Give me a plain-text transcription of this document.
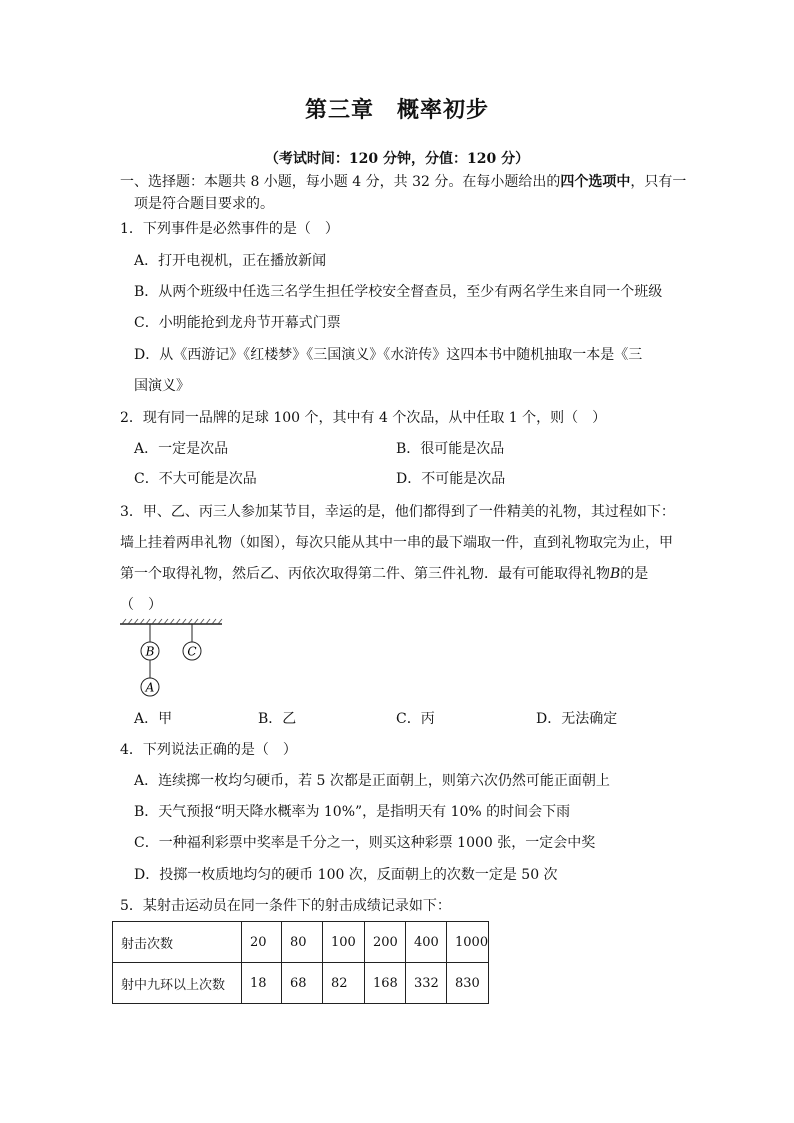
第三章　概率初步
（考试时间：120 分钟，分值：120 分）
一、选择题：本题共 8 小题，每小题 4 分，共 32 分。在每小题给出的四个选项中，只有一
项是符合题目要求的。
1．下列事件是必然事件的是（　）
A．打开电视机，正在播放新闻
B．从两个班级中任选三名学生担任学校安全督查员，至少有两名学生来自同一个班级
C．小明能抢到龙舟节开幕式门票
D．从《西游记》《红楼梦》《三国演义》《水浒传》这四本书中随机抽取一本是《三
国演义》
2．现有同一品牌的足球 100 个，其中有 4 个次品，从中任取 1 个，则（　）
A．一定是次品	B．很可能是次品
C．不大可能是次品	D．不可能是次品
3．甲、乙、丙三人参加某节目，幸运的是，他们都得到了一件精美的礼物，其过程如下：
墙上挂着两串礼物（如图），每次只能从其中一串的最下端取一件，直到礼物取完为止，甲
第一个取得礼物，然后乙、丙依次取得第二件、第三件礼物．最有可能取得礼物B的是
（　）
B
A
C
A．甲	B．乙	C．丙	D．无法确定
4．下列说法正确的是（　）
A．连续掷一枚均匀硬币，若 5 次都是正面朝上，则第六次仍然可能正面朝上
B．天气预报“明天降水概率为 10%”，是指明天有 10% 的时间会下雨
C．一种福利彩票中奖率是千分之一，则买这种彩票 1000 张，一定会中奖
D．投掷一枚质地均匀的硬币 100 次，反面朝上的次数一定是 50 次
5．某射击运动员在同一条件下的射击成绩记录如下：
射击次数	20	80	100	200	400	1000
射中九环以上次数	18	68	82	168	332	830
